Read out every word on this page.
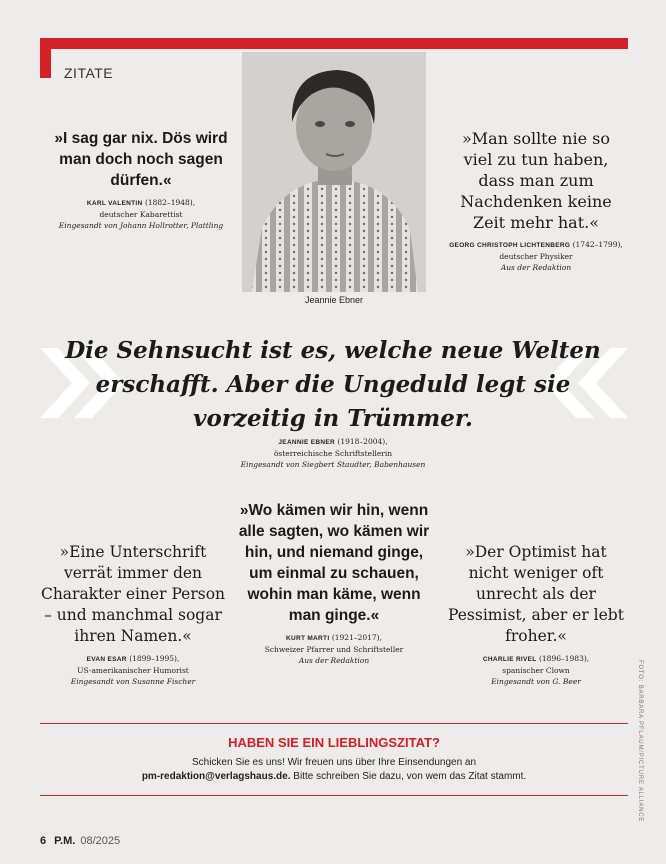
ZITATE
Jeannie Ebner
»I sag gar nix. Dös wird man doch noch sagen dürfen.«
KARL VALENTIN (1882–1948),
deutscher Kabarettist
Eingesandt von Johann Hollrotter, Plattling
»Man sollte nie so viel zu tun haben, dass man zum Nachdenken keine Zeit mehr hat.«
GEORG CHRISTOPH LICHTENBERG (1742–1799),
deutscher Physiker
Aus der Redaktion
Die Sehnsucht ist es, welche neue Welten erschafft. Aber die Ungeduld legt sie vorzeitig in Trümmer.
JEANNIE EBNER (1918–2004),
österreichische Schriftstellerin
Eingesandt von Siegbert Staudter, Babenhausen
»Eine Unterschrift verrät immer den Charakter einer Person – und manchmal sogar ihren Namen.«
EVAN ESAR (1899–1995),
US-amerikanischer Humorist
Eingesandt von Susanne Fischer
»Wo kämen wir hin, wenn alle sagten, wo kämen wir hin, und niemand ginge, um einmal zu schauen, wohin man käme, wenn man ginge.«
KURT MARTI (1921–2017),
Schweizer Pfarrer und Schriftsteller
Aus der Redaktion
»Der Optimist hat nicht weniger oft unrecht als der Pessimist, aber er lebt froher.«
CHARLIE RIVEL (1896–1983),
spanischer Clown
Eingesandt von G. Beer
HABEN SIE EIN LIEBLINGSZITAT?
Schicken Sie es uns! Wir freuen uns über Ihre Einsendungen an
pm-redaktion@verlagshaus.de. Bitte schreiben Sie dazu, von wem das Zitat stammt.	FOTO: BARBARA PFLAUM/PICTURE ALLIANCE
6 P.M. 08/2025
